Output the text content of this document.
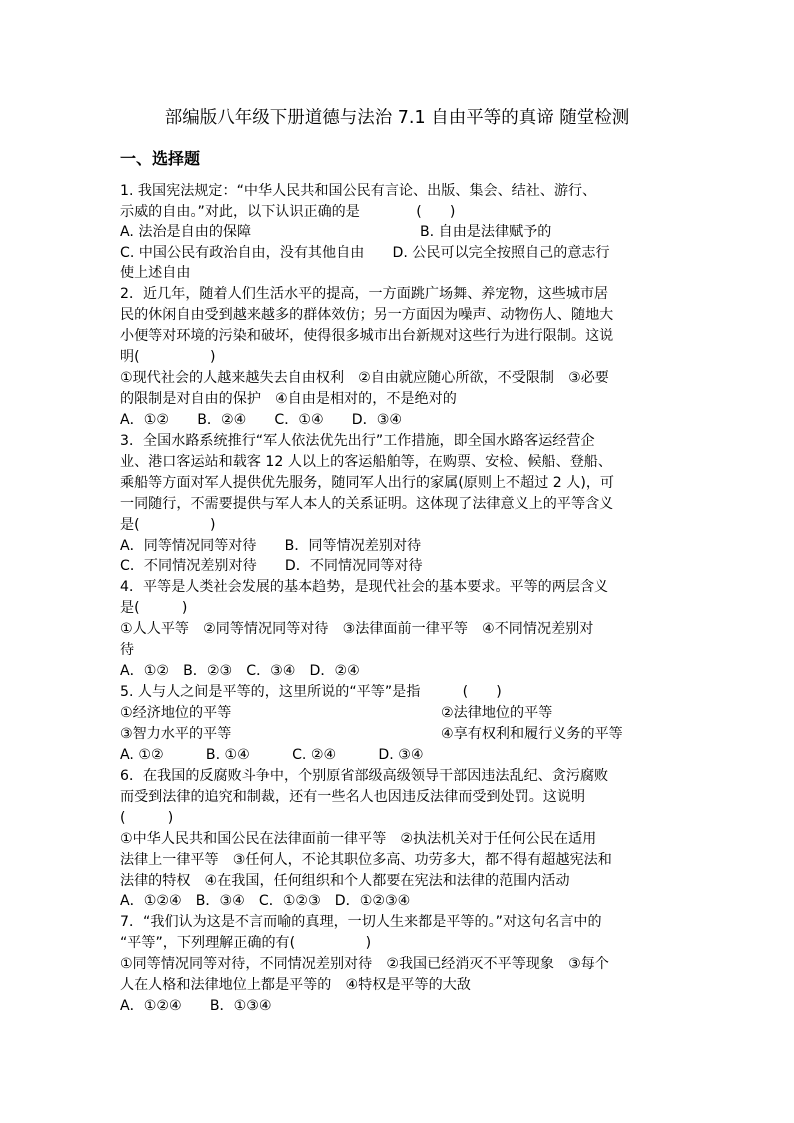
部编版八年级下册道德与法治 7.1 自由平等的真谛 随堂检测
一、选择题
1. 我国宪法规定：“中华人民共和国公民有言论、出版、集会、结社、游行、
示威的自由。”对此，以下认识正确的是　　　　(　　)
A. 法治是自由的保障	B. 自由是法律赋予的
C. 中国公民有政治自由，没有其他自由　　D. 公民可以完全按照自己的意志行
使上述自由
2．近几年，随着人们生活水平的提高，一方面跳广场舞、养宠物，这些城市居
民的休闲自由受到越来越多的群体效仿；另一方面因为噪声、动物伤人、随地大
小便等对环境的污染和破坏，使得很多城市出台新规对这些行为进行限制。这说
明(　　　　　)
①现代社会的人越来越失去自由权利　②自由就应随心所欲，不受限制　③必要
的限制是对自由的保护　④自由是相对的，不是绝对的
A．①②　　B．②④　　C．①④　　D．③④
3．全国水路系统推行“军人依法优先出行”工作措施，即全国水路客运经营企
业、港口客运站和载客 12 人以上的客运船舶等，在购票、安检、候船、登船、
乘船等方面对军人提供优先服务，随同军人出行的家属(原则上不超过 2 人)，可
一同随行，不需要提供与军人本人的关系证明。这体现了法律意义上的平等含义
是(　　　　　)
A．同等情况同等对待　　B．同等情况差别对待
C．不同情况差别对待　　D．不同情况同等对待
4．平等是人类社会发展的基本趋势，是现代社会的基本要求。平等的两层含义
是(　　　)
①人人平等　②同等情况同等对待　③法律面前一律平等　④不同情况差别对
待
A．①②　B．②③　C．③④　D．②④
5. 人与人之间是平等的，这里所说的“平等”是指　　　(　　)
①经济地位的平等	②法律地位的平等
③智力水平的平等	④享有权利和履行义务的平等
A. ①②　　　B. ①④　　　C. ②④　　　D. ③④
6．在我国的反腐败斗争中，个别原省部级高级领导干部因违法乱纪、贪污腐败
而受到法律的追究和制裁，还有一些名人也因违反法律而受到处罚。这说明
(　　　)
①中华人民共和国公民在法律面前一律平等　②执法机关对于任何公民在适用
法律上一律平等　③任何人，不论其职位多高、功劳多大，都不得有超越宪法和
法律的特权　④在我国，任何组织和个人都要在宪法和法律的范围内活动
A．①②④　B．③④　C．①②③　D．①②③④
7．“我们认为这是不言而喻的真理，一切人生来都是平等的。”对这句名言中的
“平等”，下列理解正确的有(　　　　　)
①同等情况同等对待，不同情况差别对待　②我国已经消灭不平等现象　③每个
人在人格和法律地位上都是平等的　④特权是平等的大敌
A．①②④　　B．①③④
